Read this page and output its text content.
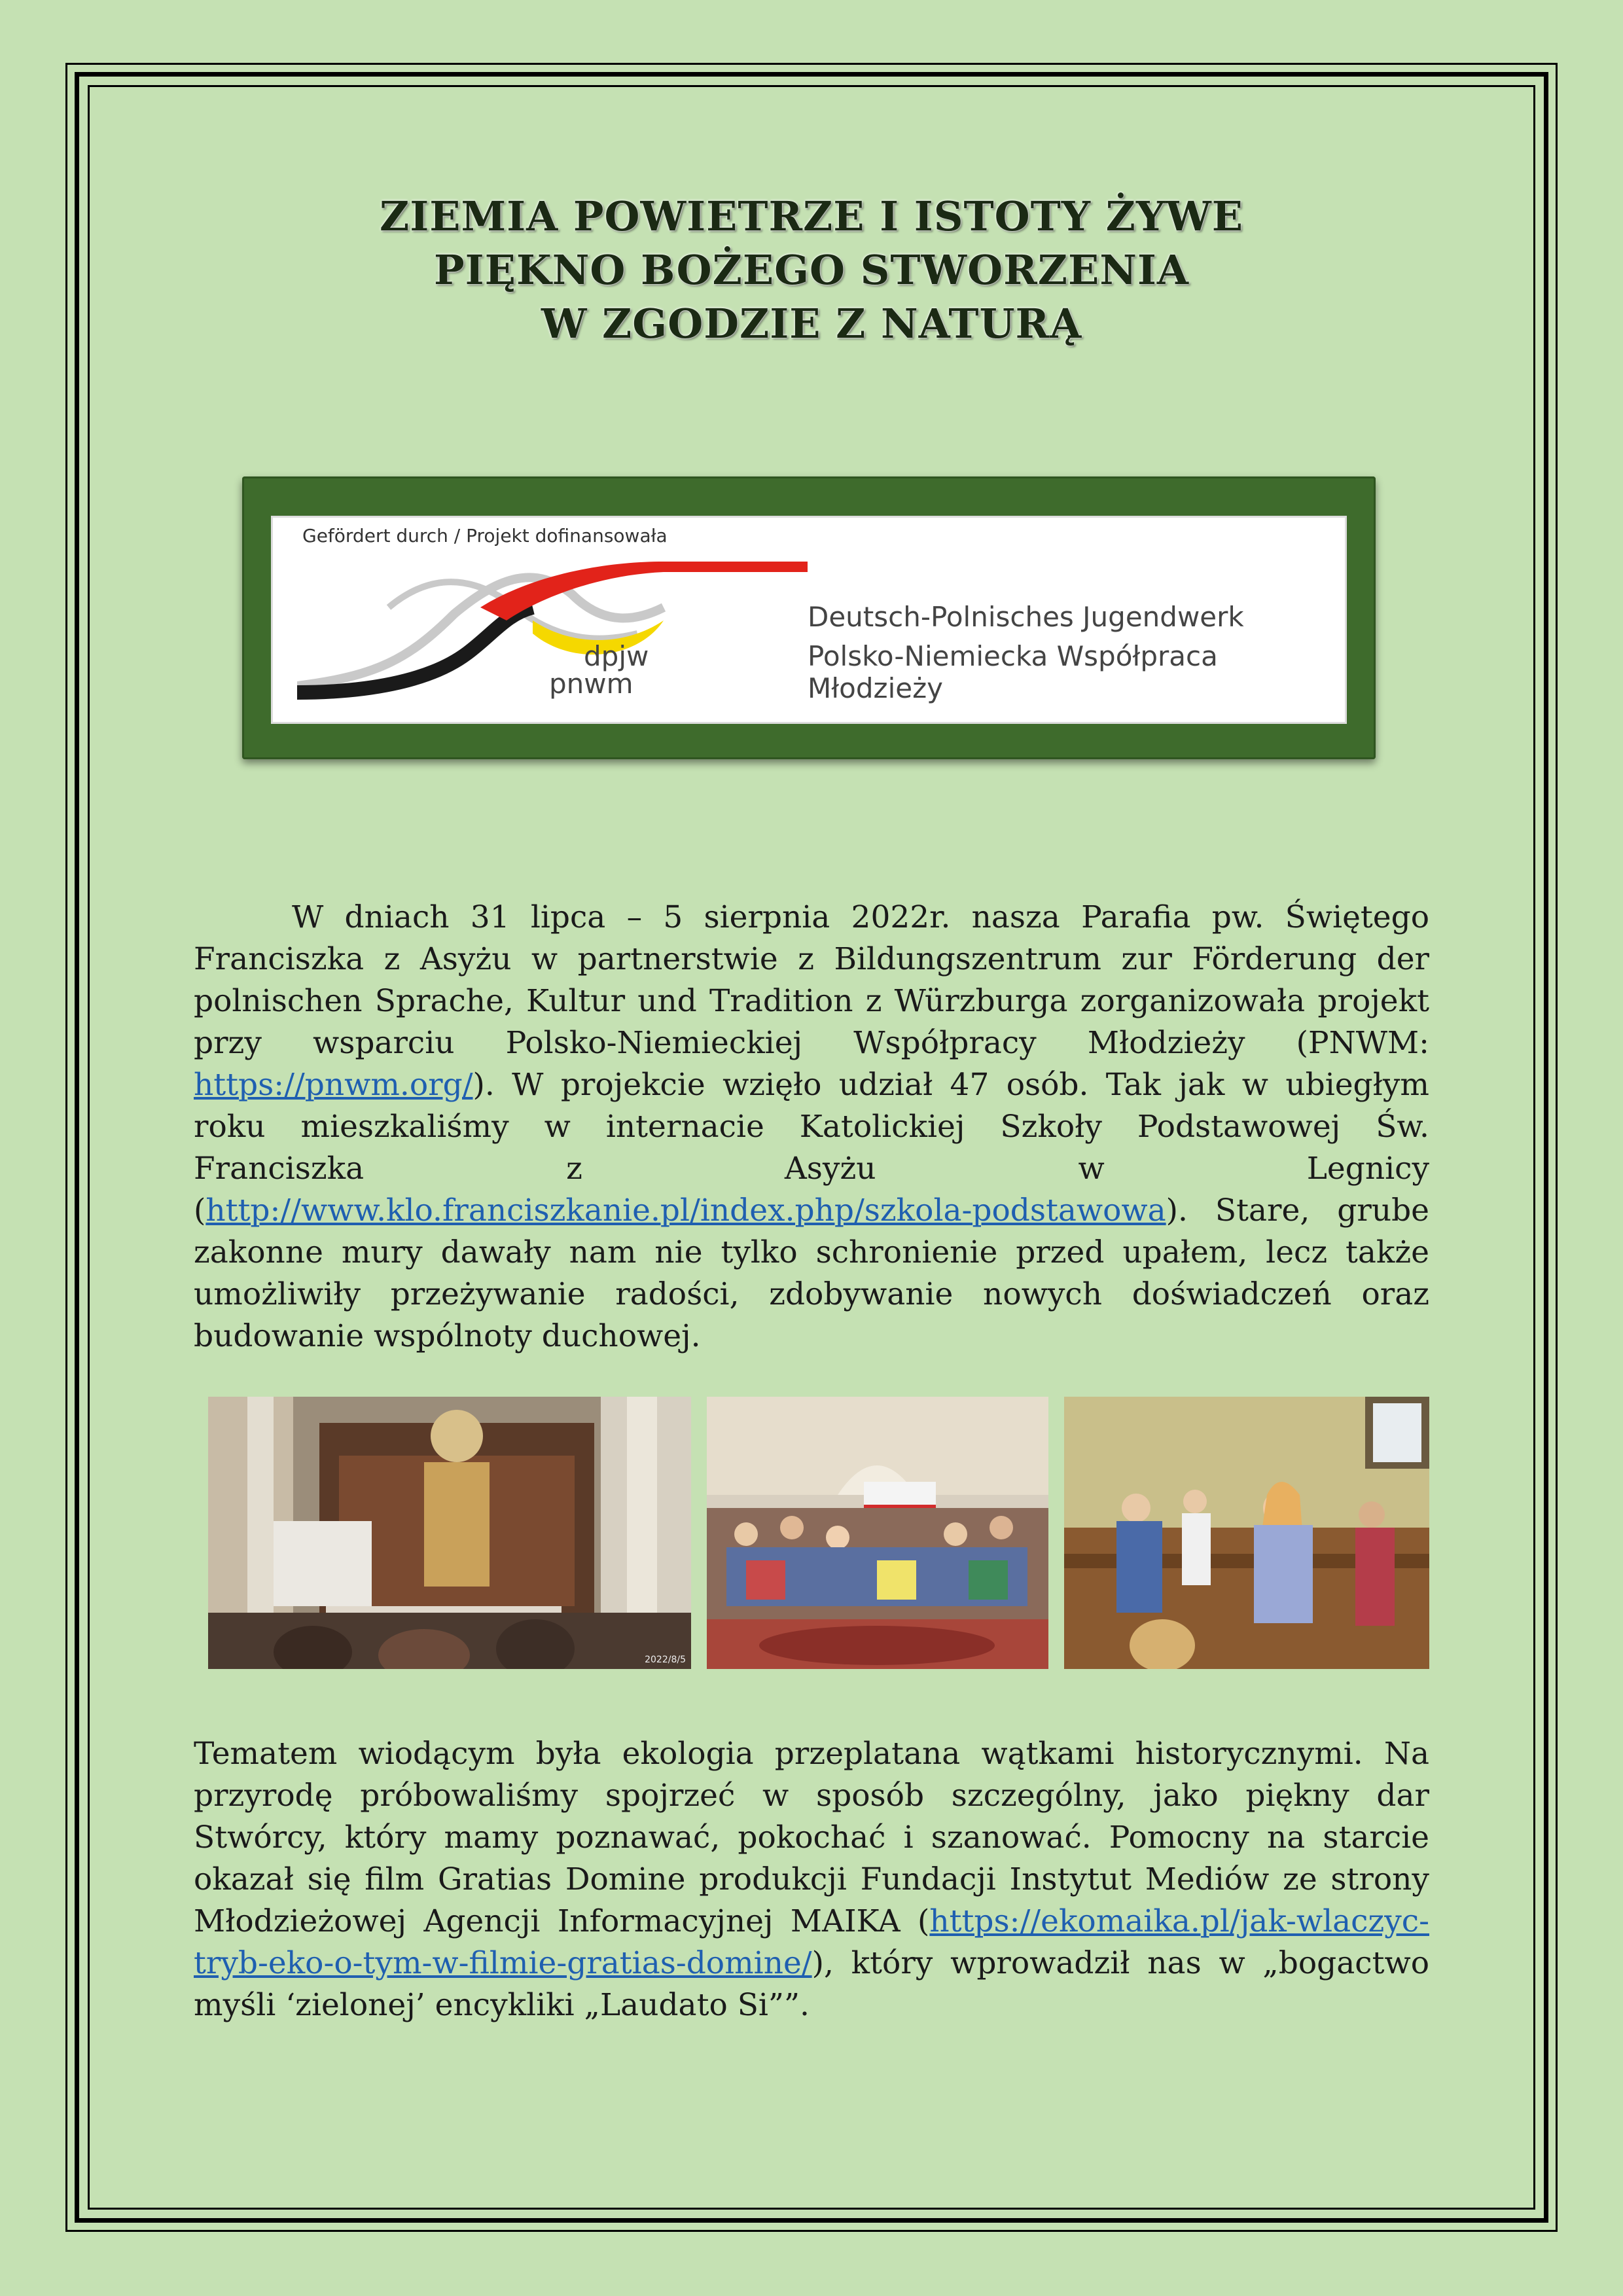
ZIEMIA POWIETRZE I ISTOTY ŻYWE
PIĘKNO BOŻEGO STWORZENIA
W ZGODZIE Z NATURĄ
Gefördert durch / Projekt dofinansowała
dpjw
pnwm
Deutsch-Polnisches Jugendwerk
Polsko-Niemiecka Współpraca Młodzieży
W dniach 31 lipca – 5 sierpnia 2022r. nasza Parafia pw. Świętego Franciszka z Asyżu w partnerstwie z Bildungszentrum zur Förderung der polnischen Sprache, Kultur und Tradition z Würzburga zorganizowała projekt przy wsparciu Polsko-Niemieckiej Współpracy Młodzieży (PNWM: https://pnwm.org/). W projekcie wzięło udział 47 osób. Tak jak w ubiegłym roku mieszkaliśmy w internacie Katolickiej Szkoły Podstawowej Św. Franciszka z Asyżu w Legnicy (http://www.klo.franciszkanie.pl/index.php/szkola-podstawowa). Stare, grube zakonne mury dawały nam nie tylko schronienie przed upałem, lecz także umożliwiły przeżywanie radości, zdobywanie nowych doświadczeń oraz budowanie wspólnoty duchowej.
2022/8/5
Tematem wiodącym była ekologia przeplatana wątkami historycznymi. Na przyrodę próbowaliśmy spojrzeć w sposób szczególny, jako piękny dar Stwórcy, który mamy poznawać, pokochać i szanować. Pomocny na starcie okazał się film Gratias Domine produkcji Fundacji Instytut Mediów ze strony Młodzieżowej Agencji Informacyjnej MAIKA (https://ekomaika.pl/jak-wlaczyc-tryb-eko-o-tym-w-filmie-gratias-domine/), który wprowadził nas w „bogactwo myśli ‘zielonej’ encykliki „Laudato Si””.
